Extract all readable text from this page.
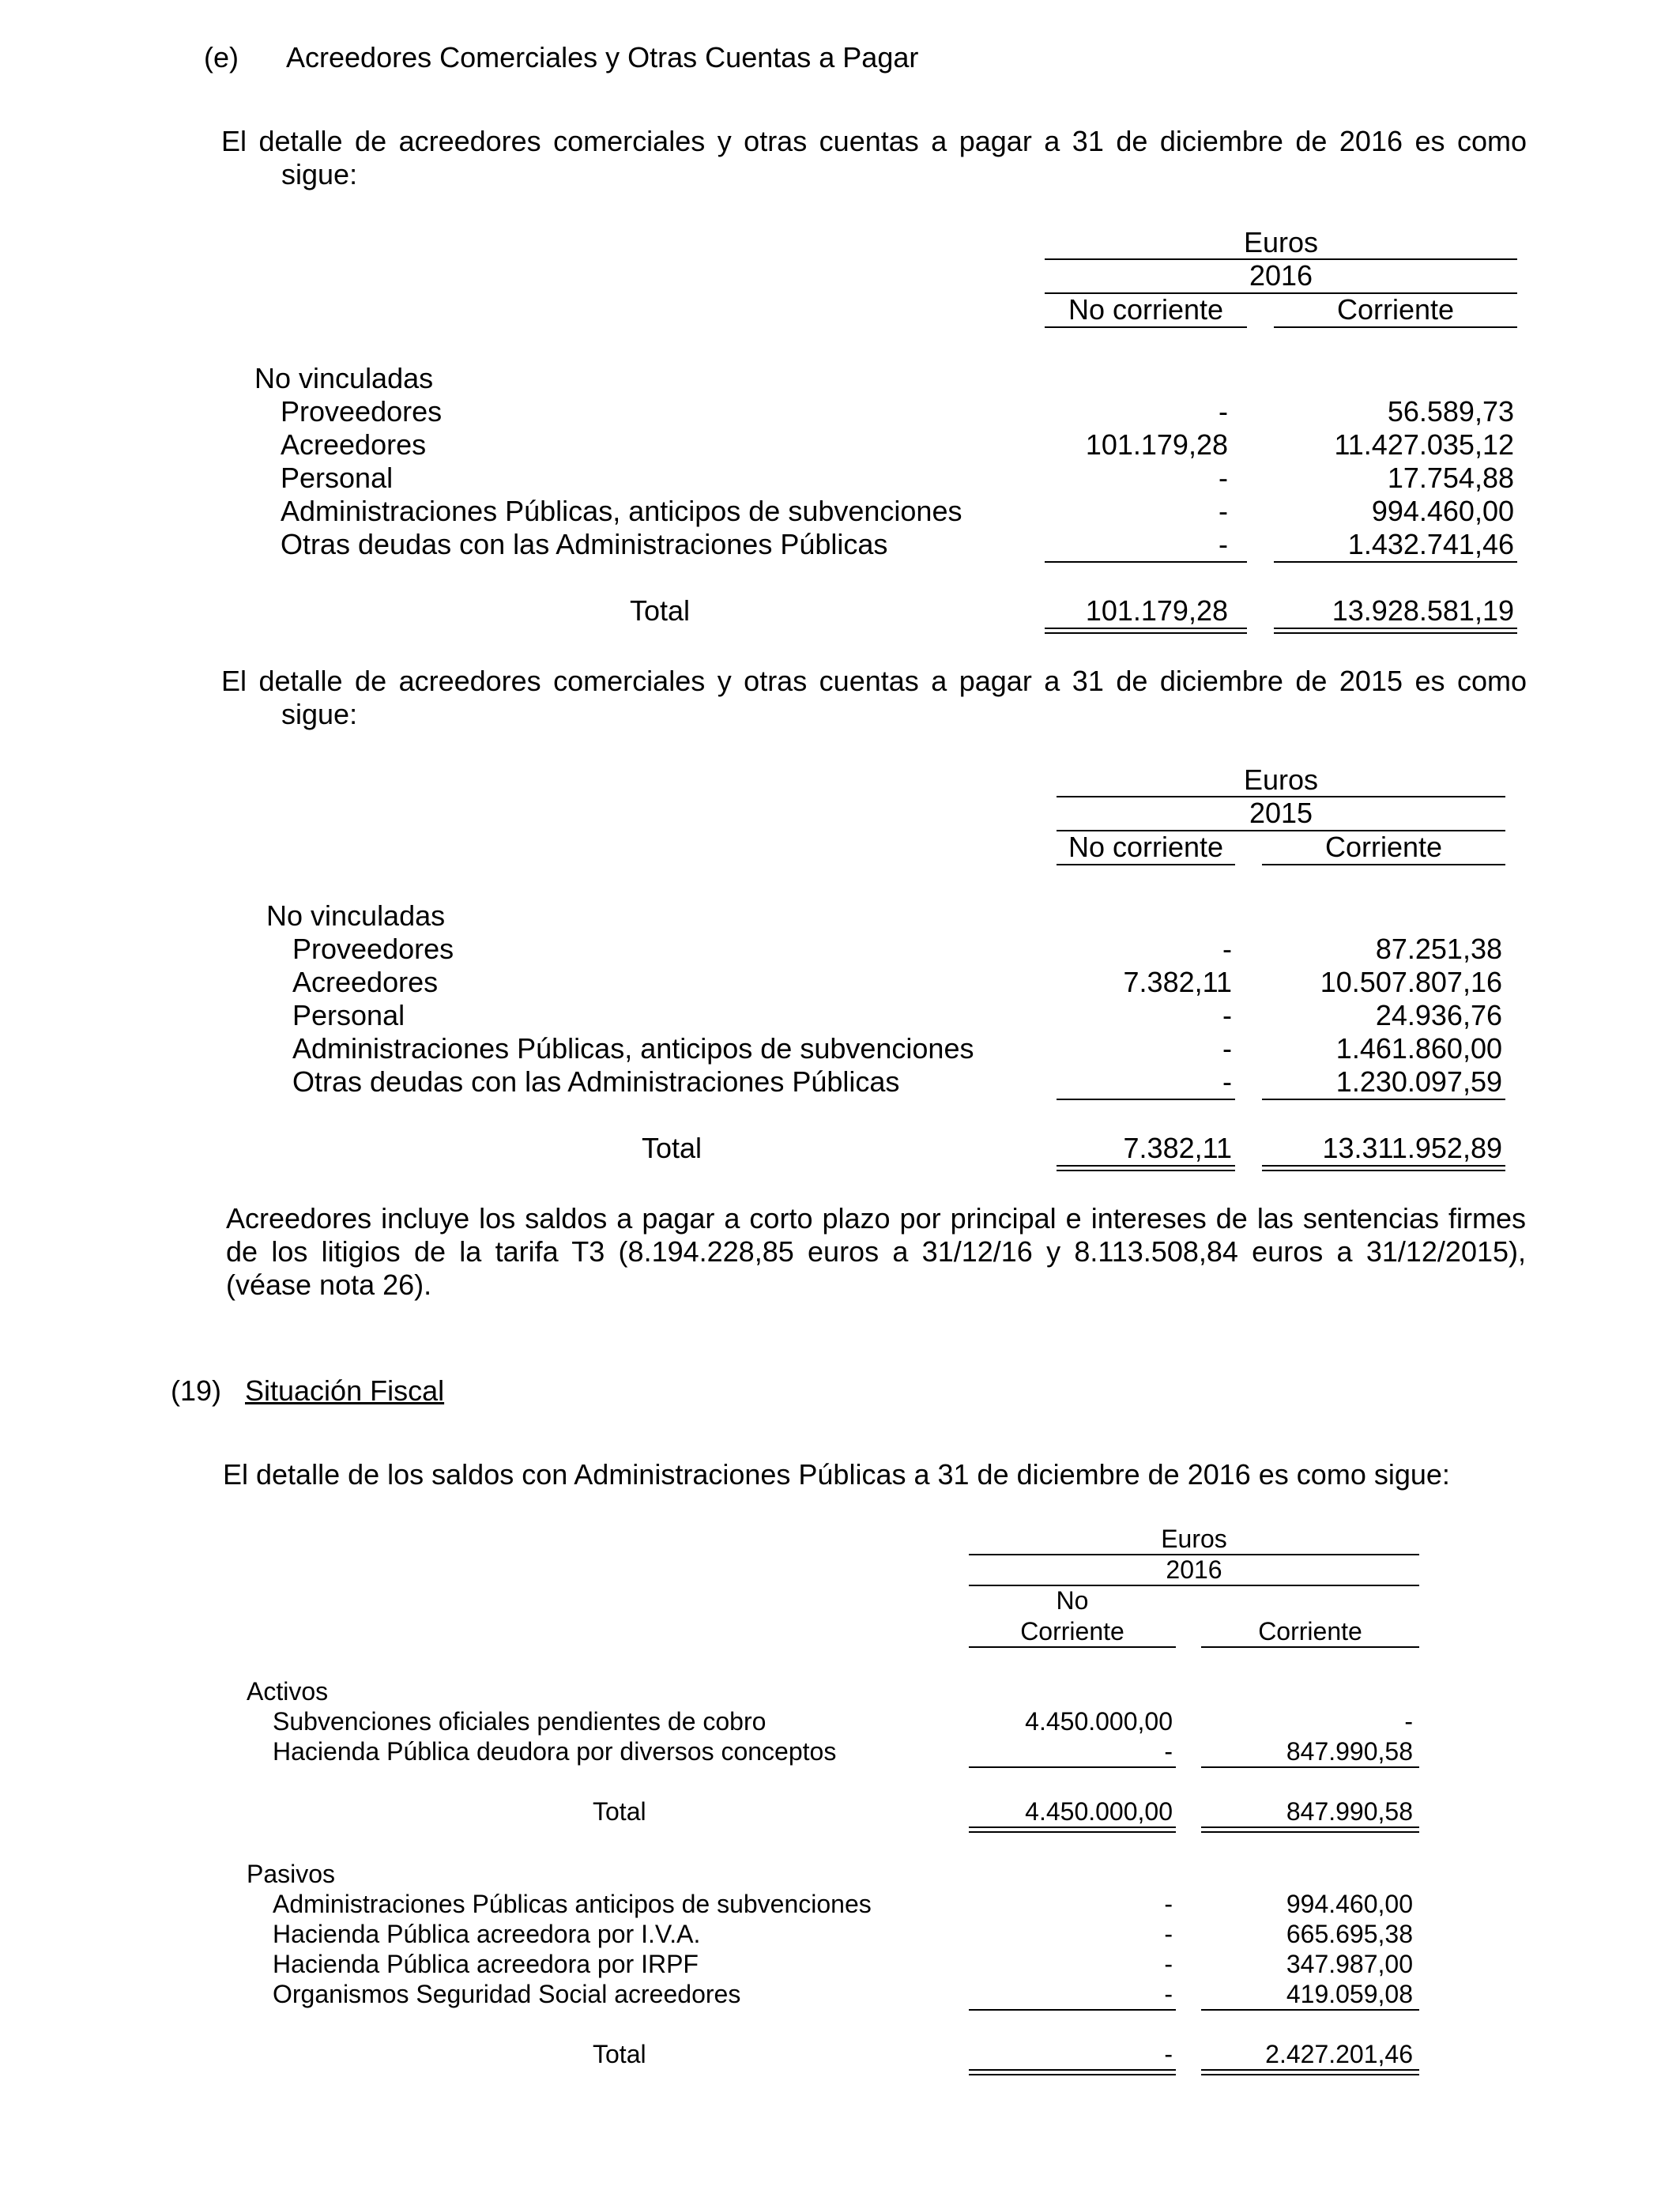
(e) Acreedores Comerciales y Otras Cuentas a Pagar
El detalle de acreedores comerciales y otras cuentas a pagar a 31 de diciembre de 2016 es como
sigue:
Euros
2016
No corriente	Corriente
No vinculadas
Proveedores	-	56.589,73
Acreedores	101.179,28	11.427.035,12
Personal	-	17.754,88
Administraciones Públicas, anticipos de subvenciones	-	994.460,00
Otras deudas con las Administraciones Públicas	-	1.432.741,46
Total	101.179,28	13.928.581,19
El detalle de acreedores comerciales y otras cuentas a pagar a 31 de diciembre de 2015 es como
sigue:
Euros
2015
No corriente	Corriente
No vinculadas
Proveedores	-	87.251,38
Acreedores	7.382,11	10.507.807,16
Personal	-	24.936,76
Administraciones Públicas, anticipos de subvenciones	-	1.461.860,00
Otras deudas con las Administraciones Públicas	-	1.230.097,59
Total	7.382,11	13.311.952,89
Acreedores incluye los saldos a pagar a corto plazo por principal e intereses de las sentencias firmes
de los litigios de la tarifa T3 (8.194.228,85 euros a 31/12/16 y 8.113.508,84 euros a 31/12/2015),
(véase nota 26).
(19) Situación Fiscal
El detalle de los saldos con Administraciones Públicas a 31 de diciembre de 2016 es como sigue:
Euros
2016
No
Corriente	Corriente
Activos
Subvenciones oficiales pendientes de cobro	4.450.000,00	-
Hacienda Pública deudora por diversos conceptos	-	847.990,58
Total	4.450.000,00	847.990,58
Pasivos
Administraciones Públicas anticipos de subvenciones	-	994.460,00
Hacienda Pública acreedora por I.V.A.	-	665.695,38
Hacienda Pública acreedora por IRPF	-	347.987,00
Organismos Seguridad Social acreedores	-	419.059,08
Total	-	2.427.201,46
